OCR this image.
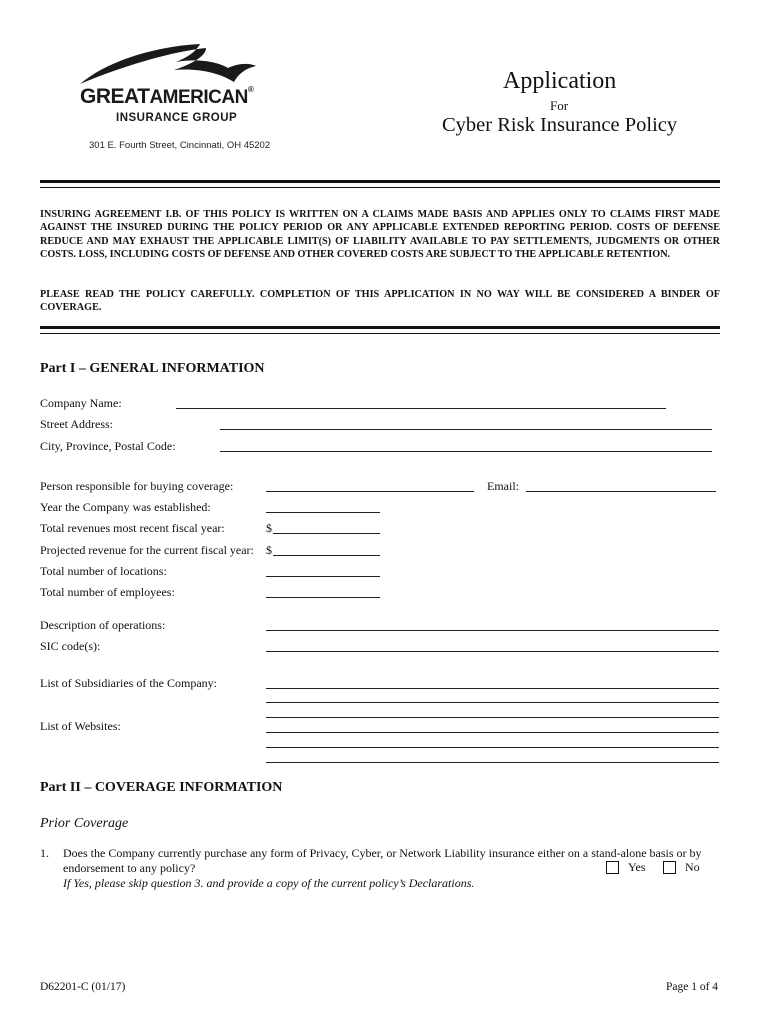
GREATAMERICAN®
INSURANCE GROUP
301 E. Fourth Street, Cincinnati, OH 45202
Application
For
Cyber Risk Insurance Policy
INSURING AGREEMENT I.B. OF THIS POLICY IS WRITTEN ON A CLAIMS MADE BASIS AND APPLIES ONLY TO CLAIMS FIRST MADE AGAINST THE INSURED DURING THE POLICY PERIOD OR ANY APPLICABLE EXTENDED REPORTING PERIOD. COSTS OF DEFENSE REDUCE AND MAY EXHAUST THE APPLICABLE LIMIT(S) OF LIABILITY AVAILABLE TO PAY SETTLEMENTS, JUDGMENTS OR OTHER COSTS. LOSS, INCLUDING COSTS OF DEFENSE AND OTHER COVERED COSTS ARE SUBJECT TO THE APPLICABLE RETENTION.
PLEASE READ THE POLICY CAREFULLY. COMPLETION OF THIS APPLICATION IN NO WAY WILL BE CONSIDERED A BINDER OF COVERAGE.
Part I – GENERAL INFORMATION
Company Name:
Street Address:
City, Province, Postal Code:
Person responsible for buying coverage:	Email:
Year the Company was established:
Total revenues most recent fiscal year:	$
Projected revenue for the current fiscal year: $
Total number of locations:
Total number of employees:
Description of operations:
SIC code(s):
List of Subsidiaries of the Company:
List of Websites:
Part II – COVERAGE INFORMATION
Prior Coverage
1. Does the Company currently purchase any form of Privacy, Cyber, or Network Liability insurance either on a stand-alone basis or by endorsement to any policy?	Yes	No
If Yes, please skip question 3. and provide a copy of the current policy’s Declarations.
D62201-C (01/17)	Page 1 of 4
